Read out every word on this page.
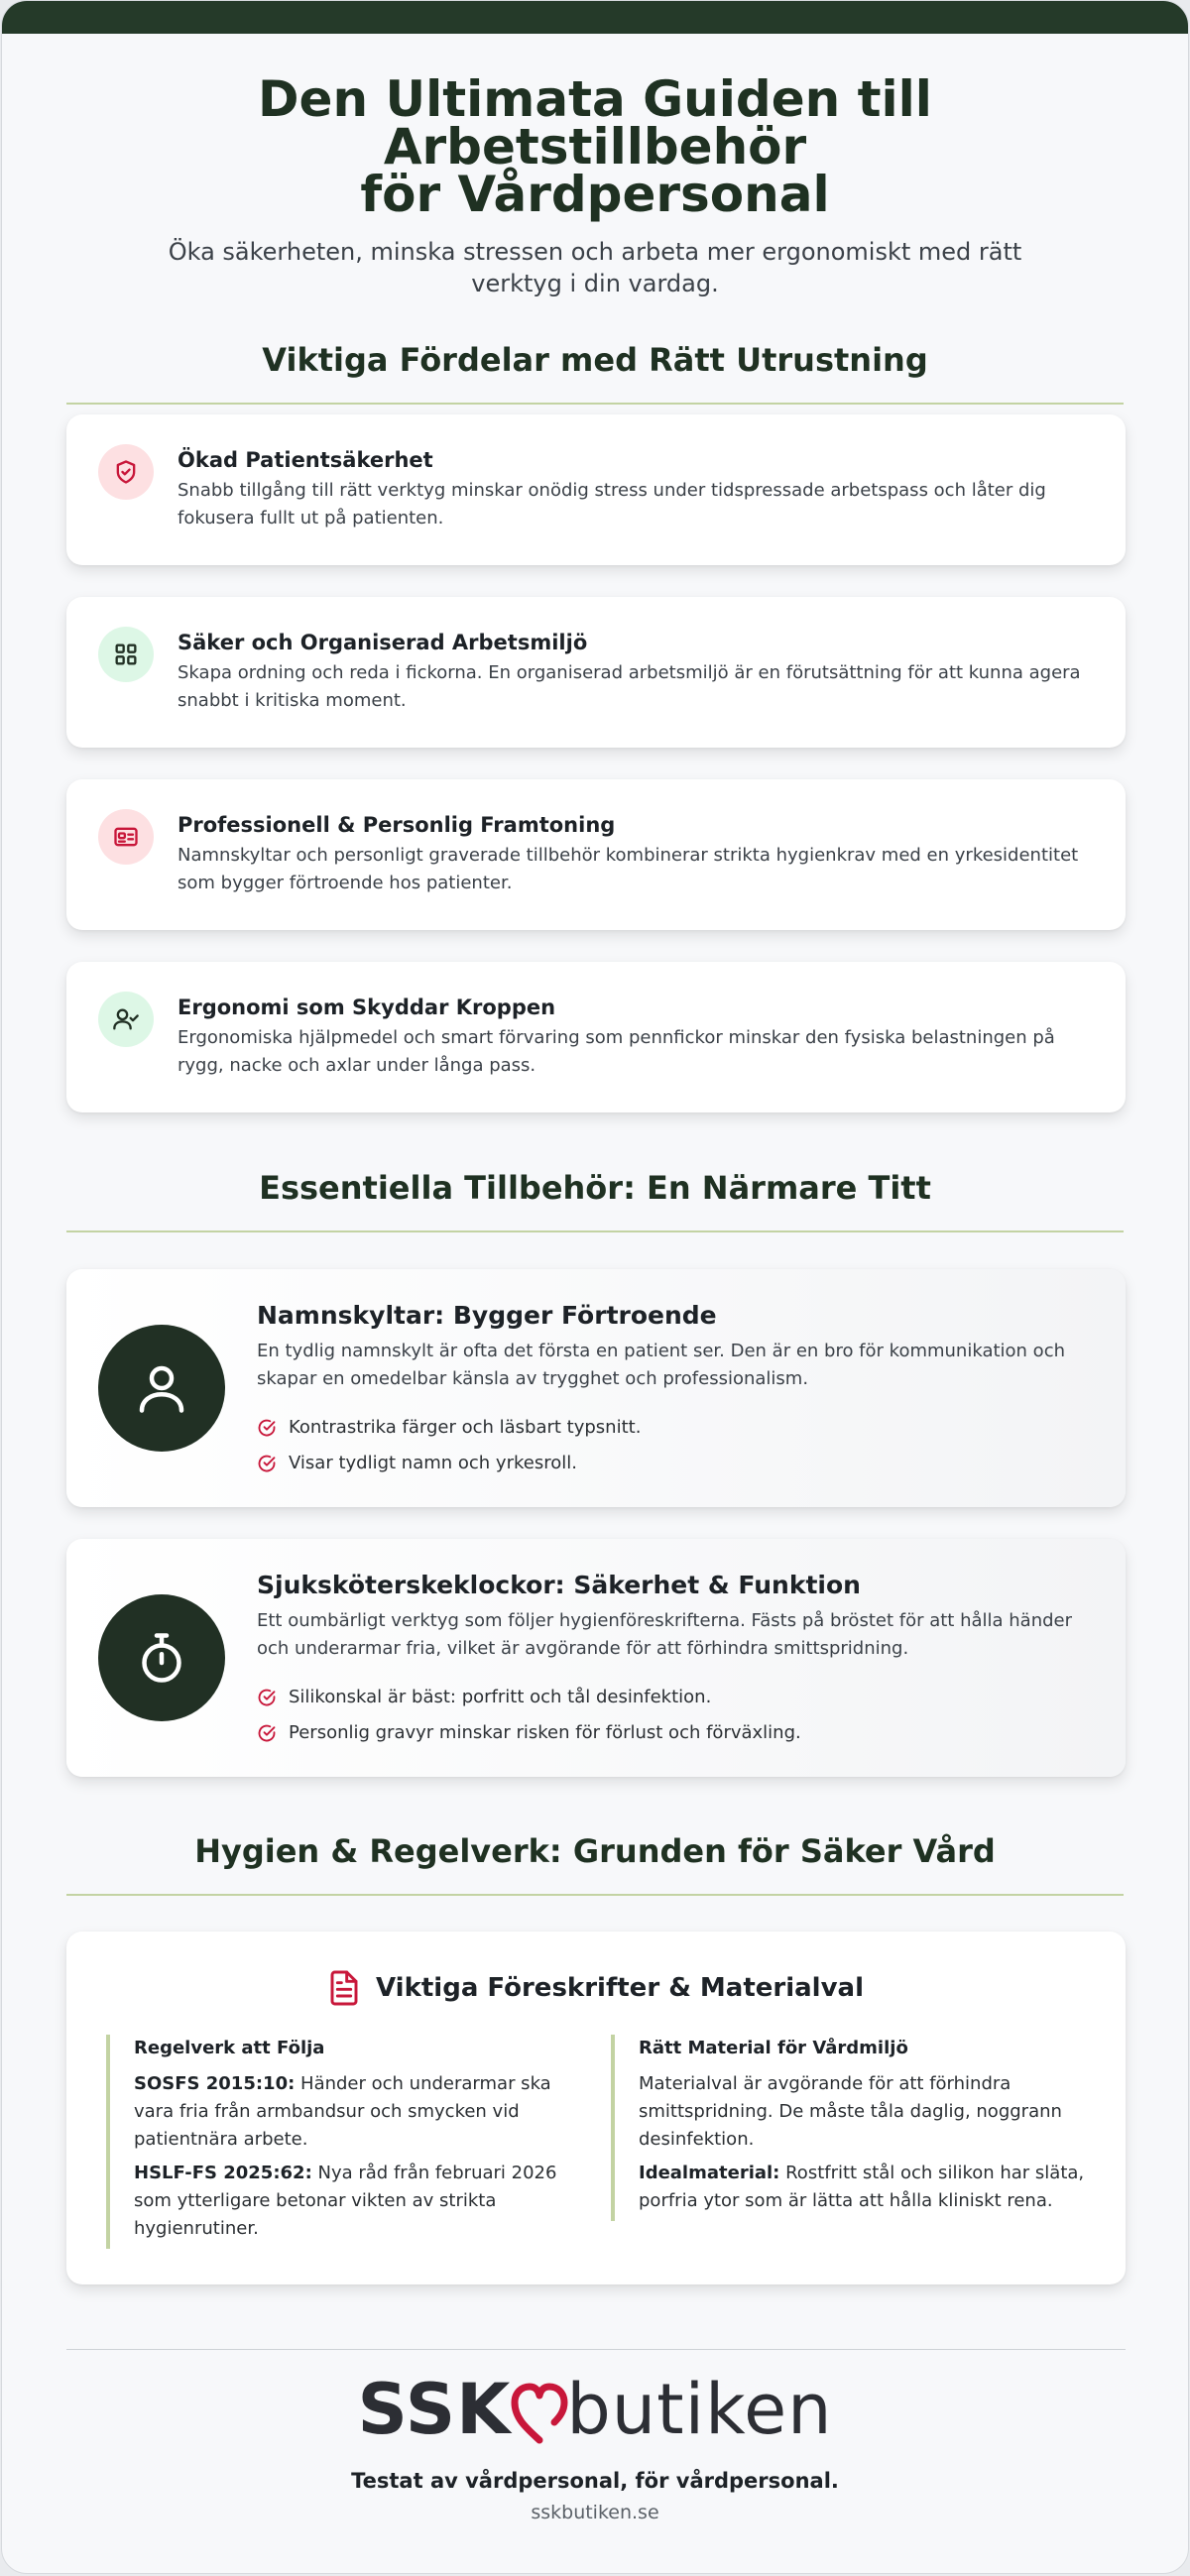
Den Ultimata Guiden till Arbetstillbehör
för Vårdpersonal

Öka säkerheten, minska stressen och arbeta mer ergonomiskt med rätt verktyg i din vardag.

Viktiga Fördelar med Rätt Utrustning
Ökad Patientsäkerhet

Snabb tillgång till rätt verktyg minskar onödig stress under tidspressade arbetspass och låter dig fokusera fullt ut på patienten.

Säker och Organiserad Arbetsmiljö

Skapa ordning och reda i fickorna. En organiserad arbetsmiljö är en förutsättning för att kunna agera snabbt i kritiska moment.

Professionell & Personlig Framtoning

Namnskyltar och personligt graverade tillbehör kombinerar strikta hygienkrav med en yrkesidentitet som bygger förtroende hos patienter.

Ergonomi som Skyddar Kroppen

Ergonomiska hjälpmedel och smart förvaring som pennfickor minskar den fysiska belastningen på rygg, nacke och axlar under långa pass.

Essentiella Tillbehör: En Närmare Titt
Namnskyltar: Bygger Förtroende

En tydlig namnskylt är ofta det första en patient ser. Den är en bro för kommunikation och skapar en omedelbar känsla av trygghet och professionalism.

Kontrastrika färger och läsbart typsnitt.
Visar tydligt namn och yrkesroll.
Sjuksköterskeklockor: Säkerhet & Funktion

Ett oumbärligt verktyg som följer hygienföreskrifterna. Fästs på bröstet för att hålla händer och underarmar fria, vilket är avgörande för att förhindra smittspridning.

Silikonskal är bäst: porfritt och tål desinfektion.
Personlig gravyr minskar risken för förlust och förväxling.
Hygien & Regelverk: Grunden för Säker Vård
Viktiga Föreskrifter & Materialval
Regelverk att Följa

SOSFS 2015:10: Händer och underarmar ska vara fria från armbandsur och smycken vid patientnära arbete.

HSLF-FS 2025:62: Nya råd från februari 2026 som ytterligare betonar vikten av strikta hygienrutiner.

Rätt Material för Vårdmiljö

Materialval är avgörande för att förhindra smittspridning. De måste tåla daglig, noggrann desinfektion.

Idealmaterial: Rostfritt stål och silikon har släta, porfria ytor som är lätta att hålla kliniskt rena.

SSK butiken
Testat av vårdpersonal, för vårdpersonal.
sskbutiken.se
